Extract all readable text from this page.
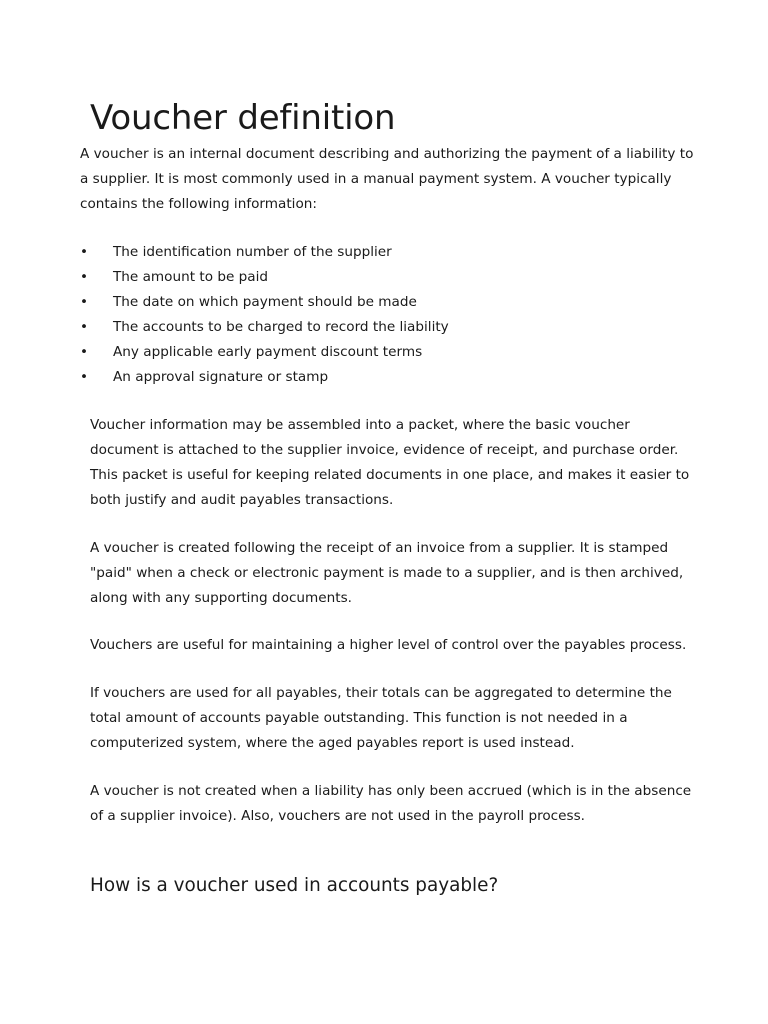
Voucher definition

A voucher is an internal document describing and authorizing the payment of a liability to a supplier. It is most commonly used in a manual payment system. A voucher typically contains the following information:

• The identification number of the supplier
• The amount to be paid
• The date on which payment should be made
• The accounts to be charged to record the liability
• Any applicable early payment discount terms
• An approval signature or stamp

Voucher information may be assembled into a packet, where the basic voucher document is attached to the supplier invoice, evidence of receipt, and purchase order. This packet is useful for keeping related documents in one place, and makes it easier to both justify and audit payables transactions.

A voucher is created following the receipt of an invoice from a supplier. It is stamped "paid" when a check or electronic payment is made to a supplier, and is then archived, along with any supporting documents.

Vouchers are useful for maintaining a higher level of control over the payables process.

If vouchers are used for all payables, their totals can be aggregated to determine the total amount of accounts payable outstanding. This function is not needed in a computerized system, where the aged payables report is used instead.

A voucher is not created when a liability has only been accrued (which is in the absence of a supplier invoice). Also, vouchers are not used in the payroll process.

How is a voucher used in accounts payable?
